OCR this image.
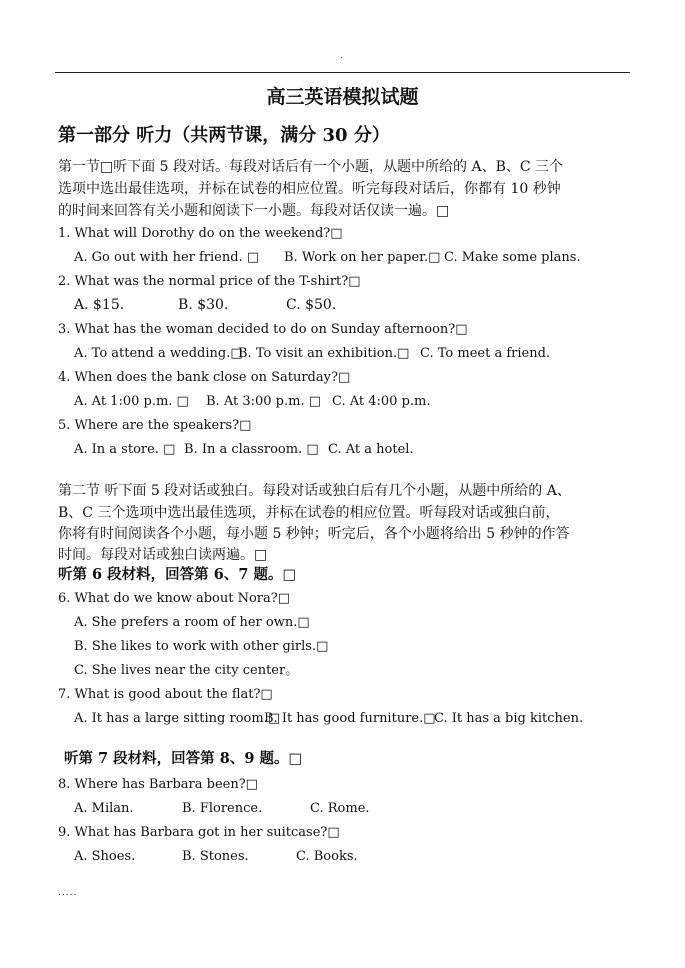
.
高三英语模拟试题
第一部分 听力（共两节课，满分 30 分）
第一节□听下面 5 段对话。每段对话后有一个小题，从题中所给的 A、B、C 三个
选项中选出最佳选项，并标在试卷的相应位置。听完每段对话后，你都有 10 秒钟
的时间来回答有关小题和阅读下一小题。每段对话仅读一遍。□
1. What will Dorothy do on the weekend?□
A. Go out with her friend. □ B. Work on her paper.□ C. Make some plans.
2. What was the normal price of the T-shirt?□
A. $15.	B. $30.	C. $50.
3. What has the woman decided to do on Sunday afternoon?□
A. To attend a wedding.□B. To visit an exhibition.□ C. To meet a friend.
4. When does the bank close on Saturday?□
A. At 1:00 p.m. □ B. At 3:00 p.m. □ C. At 4:00 p.m.
5. Where are the speakers?□
A. In a store. □ B. In a classroom. □ C. At a hotel.
第二节 听下面 5 段对话或独白。每段对话或独白后有几个小题，从题中所给的 A、
B、C 三个选项中选出最佳选项，并标在试卷的相应位置。听每段对话或独白前，
你将有时间阅读各个小题，每小题 5 秒钟；听完后，各个小题将给出 5 秒钟的作答
时间。每段对话或独白读两遍。□
听第 6 段材料，回答第 6、7 题。□
6. What do we know about Nora?□
A. She prefers a room of her own.□
B. She likes to work with other girls.□
C. She lives near the city center。
7. What is good about the flat?□
A. It has a large sitting room.□B. It has good furniture.□C. It has a big kitchen.
听第 7 段材料，回答第 8、9 题。□
8. Where has Barbara been?□
A. Milan.	B. Florence.	C. Rome.
9. What has Barbara got in her suitcase?□
A. Shoes.	B. Stones.	C. Books.
.....
